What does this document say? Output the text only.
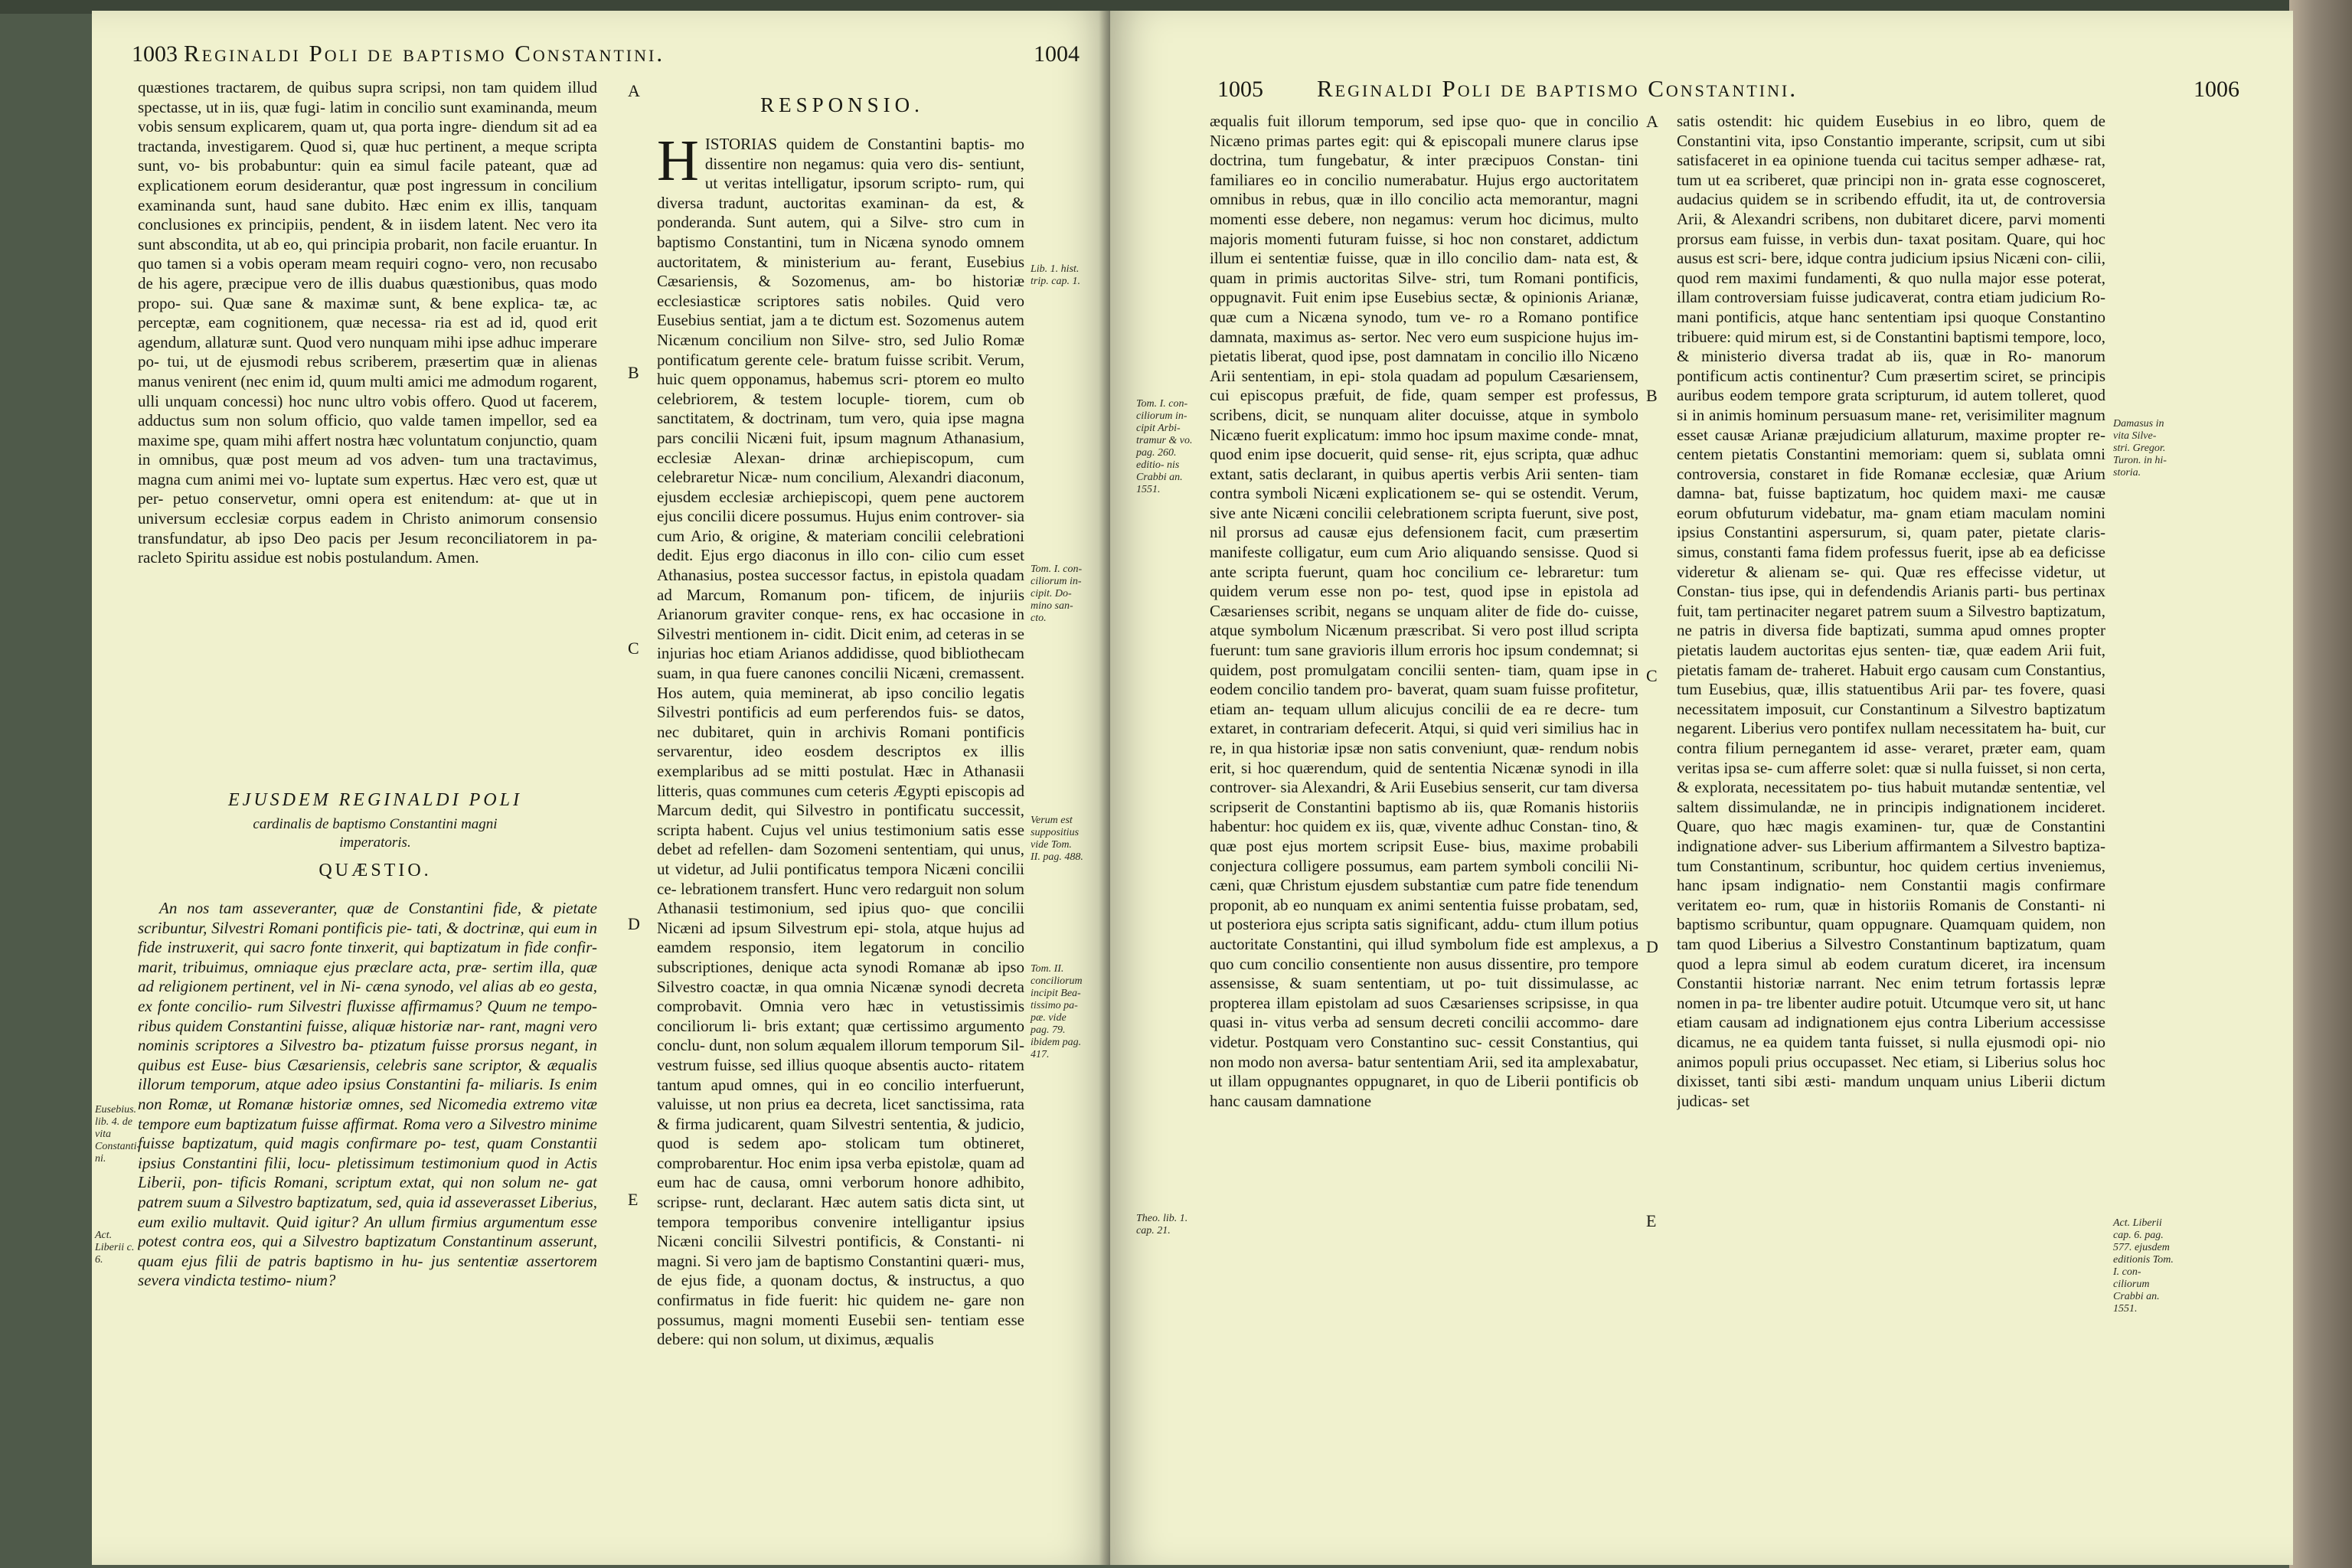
1003 Reginaldi Poli de baptismo Constantini.	1004

quæstiones tractarem, de quibus supra scripsi, non tam quidem illud spectasse, ut in iis, quæ fugi- latim in concilio sunt examinanda, meum vobis sensum explicarem, quam ut, qua porta ingre- diendum sit ad ea tractanda, investigarem. Quod si, quæ huc pertinent, a meque scripta sunt, vo- bis probabuntur: quin ea simul facile pateant, quæ ad explicationem eorum desiderantur, quæ post ingressum in concilium examinanda sunt, haud sane dubito. Hæc enim ex illis, tanquam conclusiones ex principiis, pendent, & in iisdem latent. Nec vero ita sunt abscondita, ut ab eo, qui principia probarit, non facile eruantur. In quo tamen si a vobis operam meam requiri cogno- vero, non recusabo de his agere, præcipue vero de illis duabus quæstionibus, quas modo propo- sui. Quæ sane & maximæ sunt, & bene explica- tæ, ac perceptæ, eam cognitionem, quæ necessa- ria est ad id, quod erit agendum, allaturæ sunt. Quod vero nunquam mihi ipse adhuc imperare po- tui, ut de ejusmodi rebus scriberem, præsertim quæ in alienas manus venirent (nec enim id, quum multi amici me admodum rogarent, ulli unquam concessi) hoc nunc ultro vobis offero. Quod ut facerem, adductus sum non solum officio, quo valde tamen impellor, sed ea maxime spe, quam mihi affert nostra hæc voluntatum conjunctio, quam in omnibus, quæ post meum ad vos adven- tum una tractavimus, magna cum animi mei vo- luptate sum expertus. Hæc vero est, quæ ut per- petuo conservetur, omni opera est enitendum: at- que ut in universum ecclesiæ corpus eadem in Christo animorum consensio transfundatur, ab ipso Deo pacis per Jesum reconciliatorem in pa- racleto Spiritu assidue est nobis postulandum. Amen.

EJUSDEM REGINALDI POLI
cardinalis de baptismo Constantini magni
imperatoris.
QUÆSTIO.

An nos tam asseveranter, quæ de Constantini fide, & pietate scribuntur, Silvestri Romani pontificis pie- tati, & doctrinæ, qui eum in fide instruxerit, qui sacro fonte tinxerit, qui baptizatum in fide confir- marit, tribuimus, omniaque ejus præclare acta, præ- sertim illa, quæ ad religionem pertinent, vel in Ni- cæna synodo, vel alias ab eo gesta, ex fonte concilio- rum Silvestri fluxisse affirmamus? Quum ne tempo- ribus quidem Constantini fuisse, aliquæ historiæ nar- rant, magni vero nominis scriptores a Silvestro ba- ptizatum fuisse prorsus negant, in quibus est Euse- bius Cæsariensis, celebris sane scriptor, & æqualis illorum temporum, atque adeo ipsius Constantini fa- miliaris. Is enim non Romæ, ut Romanæ historiæ omnes, sed Nicomedia extremo vitæ tempore eum baptizatum fuisse affirmat. Roma vero a Silvestro minime fuisse baptizatum, quid magis confirmare po- test, quam Constantii ipsius Constantini filii, locu- pletissimum testimonium quod in Actis Liberii, pon- tificis Romani, scriptum extat, qui non solum ne- gat patrem suum a Silvestro baptizatum, sed, quia id asseverasset Liberius, eum exilio multavit. Quid igitur? An ullum firmius argumentum esse potest contra eos, qui a Silvestro baptizatum Constantinum asserunt, quam ejus filii de patris baptismo in hu- jus sententiæ assertorem severa vindicta testimo- nium?

Eusebius. lib. 4. de vita Constanti- ni.
Act. Liberii c. 6.
A
B
C
D
E
RESPONSIO.

HISTORIAS quidem de Constantini baptis- mo dissentire non negamus: quia vero dis- sentiunt, ut veritas intelligatur, ipsorum scripto- rum, qui diversa tradunt, auctoritas examinan- da est, & ponderanda. Sunt autem, qui a Silve- stro cum in baptismo Constantini, tum in Nicæna synodo omnem auctoritatem, & ministerium au- ferant, Eusebius Cæsariensis, & Sozomenus, am- bo historiæ ecclesiasticæ scriptores satis nobiles. Quid vero Eusebius sentiat, jam a te dictum est. Sozomenus autem Nicænum concilium non Silve- stro, sed Julio Romæ pontificatum gerente cele- bratum fuisse scribit. Verum, huic quem opponamus, habemus scri- ptorem eo multo celebriorem, & testem locuple- tiorem, cum ob sanctitatem, & doctrinam, tum vero, quia ipse magna pars concilii Nicæni fuit, ipsum magnum Athanasium, ecclesiæ Alexan- drinæ archiepiscopum, cum celebraretur Nicæ- num concilium, Alexandri diaconum, ejusdem ecclesiæ archiepiscopi, quem pene auctorem ejus concilii dicere possumus. Hujus enim controver- sia cum Ario, & origine, & materiam concilii celebrationi dedit. Ejus ergo diaconus in illo con- cilio cum esset Athanasius, postea successor factus, in epistola quadam ad Marcum, Romanum pon- tificem, de injuriis Arianorum graviter conque- rens, ex hac occasione in Silvestri mentionem in- cidit. Dicit enim, ad ceteras in se injurias hoc etiam Arianos addidisse, quod bibliothecam suam, in qua fuere canones concilii Nicæni, cremassent. Hos autem, quia meminerat, ab ipso concilio legatis Silvestri pontificis ad eum perferendos fuis- se datos, nec dubitaret, quin in archivis Romani pontificis servarentur, ideo eosdem descriptos ex illis exemplaribus ad se mitti postulat. Hæc in Athanasii litteris, quas communes cum ceteris Ægypti episcopis ad Marcum dedit, qui Silvestro in pontificatu successit, scripta habent. Cujus vel unius testimonium satis esse debet ad refellen- dam Sozomeni sententiam, qui unus, ut videtur, ad Julii pontificatus tempora Nicæni concilii ce- lebrationem transfert. Hunc vero redarguit non solum Athanasii testimonium, sed ipius quo- que concilii Nicæni ad ipsum Silvestrum epi- stola, atque hujus ad eamdem responsio, item legatorum in concilio subscriptiones, denique acta synodi Romanæ ab ipso Silvestro coactæ, in qua omnia Nicænæ synodi decreta comprobavit. Omnia vero hæc in vetustissimis conciliorum li- bris extant; quæ certissimo argumento conclu- dunt, non solum æqualem illorum temporum Sil- vestrum fuisse, sed illius quoque absentis aucto- ritatem tantum apud omnes, qui in eo concilio interfuerunt, valuisse, ut non prius ea decreta, licet sanctissima, rata & firma judicarent, quam Silvestri sententia, & judicio, quod is sedem apo- stolicam tum obtineret, comprobarentur. Hoc enim ipsa verba epistolæ, quam ad eum hac de causa, omni verborum honore adhibito, scripse- runt, declarant. Hæc autem satis dicta sint, ut tempora temporibus convenire intelligantur ipsius Nicæni concilii Silvestri pontificis, & Constanti- ni magni. Si vero jam de baptismo Constantini quæri- mus, de ejus fide, a quonam doctus, & instructus, a quo confirmatus in fide fuerit: hic quidem ne- gare non possumus, magni momenti Eusebii sen- tentiam esse debere: qui non solum, ut diximus, æqualis

Lib. 1. hist. trip. cap. 1.
Tom. I. con- ciliorum in- cipit. Do- mino san- cto.
Verum est suppositius vide Tom. II. pag. 488.
Tom. II. conciliorum incipit Bea- tissimo pa- pæ. vide pag. 79. ibidem pag. 417.
1005 Reginaldi Poli de baptismo Constantini.	1006

æqualis fuit illorum temporum, sed ipse quo- que in concilio Nicæno primas partes egit: qui & episcopali munere clarus ipse doctrina, tum fungebatur, & inter præcipuos Constan- tini familiares eo in concilio numerabatur. Hujus ergo auctoritatem omnibus in rebus, quæ in illo concilio acta memorantur, magni momenti esse debere, non negamus: verum hoc dicimus, multo majoris momenti futuram fuisse, si hoc non constaret, addictum illum ei sententiæ fuisse, quæ in illo concilio dam- nata est, & quam in primis auctoritas Silve- stri, tum Romani pontificis, oppugnavit. Fuit enim ipse Eusebius sectæ, & opinionis Arianæ, quæ cum a Nicæna synodo, tum ve- ro a Romano pontifice damnata, maximus as- sertor. Nec vero eum suspicione hujus im- pietatis liberat, quod ipse, post damnatam in concilio illo Nicæno Arii sententiam, in epi- stola quadam ad populum Cæsariensem, cui episcopus præfuit, de fide, quam semper est professus, scribens, dicit, se nunquam aliter docuisse, atque in symbolo Nicæno fuerit explicatum: immo hoc ipsum maxime conde- mnat, quod enim ipse docuerit, quid sense- rit, ejus scripta, quæ adhuc extant, satis declarant, in quibus apertis verbis Arii senten- tiam contra symboli Nicæni explicationem se- qui se ostendit. Verum, sive ante Nicæni concilii celebrationem scripta fuerunt, sive post, nil prorsus ad causæ ejus defensionem facit, cum præsertim manifeste colligatur, eum cum Ario aliquando sensisse. Quod si ante scripta fuerunt, quam hoc concilium ce- lebraretur: tum quidem verum esse non po- test, quod ipse in epistola ad Cæsarienses scribit, negans se unquam aliter de fide do- cuisse, atque symbolum Nicænum præscribat. Si vero post illud scripta fuerunt: tum sane gravioris illum erroris hoc ipsum condemnat; si quidem, post promulgatam concilii senten- tiam, quam ipse in eodem concilio tandem pro- baverat, quam suam fuisse profitetur, etiam an- tequam ullum alicujus concilii de ea re decre- tum extaret, in contrariam defecerit. Atqui, si quid veri similius hac in re, in qua historiæ ipsæ non satis conveniunt, quæ- rendum nobis erit, si hoc quærendum, quid de sententia Nicænæ synodi in illa controver- sia Alexandri, & Arii Eusebius senserit, cur tam diversa scripserit de Constantini baptismo ab iis, quæ Romanis historiis habentur: hoc quidem ex iis, quæ, vivente adhuc Constan- tino, & quæ post ejus mortem scripsit Euse- bius, maxime probabili conjectura colligere possumus, eam partem symboli concilii Ni- cæni, quæ Christum ejusdem substantiæ cum patre fide tenendum proponit, ab eo nunquam ex animi sententia fuisse probatam, sed, ut posteriora ejus scripta satis significant, addu- ctum illum potius auctoritate Constantini, qui illud symbolum fide est amplexus, a quo cum concilio consentiente non ausus dissentire, pro tempore assensisse, & suam sententiam, ut po- tuit dissimulasse, ac propterea illam epistolam ad suos Cæsarienses scripsisse, in qua quasi in- vitus verba ad sensum decreti concilii accommo- dare videtur. Postquam vero Constantino suc- cessit Constantius, qui non modo non aversa- batur sententiam Arii, sed ita amplexabatur, ut illam oppugnantes oppugnaret, in quo de Liberii pontificis ob hanc causam damnatione

A
B
C
D
E
Tom. I. con- ciliorum in- cipit Arbi- tramur & vo. pag. 260. editio- nis Crabbi an. 1551.
Theo. lib. 1. cap. 21.

satis ostendit: hic quidem Eusebius in eo libro, quem de Constantini vita, ipso Constantio imperante, scripsit, cum ut sibi satisfaceret in ea opinione tuenda cui tacitus semper adhæse- rat, tum ut ea scriberet, quæ principi non in- grata esse cognosceret, audacius quidem se in scribendo effudit, ita ut, de controversia Arii, & Alexandri scribens, non dubitaret dicere, parvi momenti prorsus eam fuisse, in verbis dun- taxat positam. Quare, qui hoc ausus est scri- bere, idque contra judicium ipsius Nicæni con- cilii, quod rem maximi fundamenti, & quo nulla major esse poterat, illam controversiam fuisse judicaverat, contra etiam judicium Ro- mani pontificis, atque hanc sententiam ipsi quoque Constantino tribuere: quid mirum est, si de Constantini baptismi tempore, loco, & ministerio diversa tradat ab iis, quæ in Ro- manorum pontificum actis continentur? Cum præsertim sciret, se principis auribus eodem tempore grata scripturum, id autem tolleret, quod si in animis hominum persuasum mane- ret, verisimiliter magnum esset causæ Arianæ præjudicium allaturum, maxime propter re- centem pietatis Constantini memoriam: quem si, sublata omni controversia, constaret in fide Romanæ ecclesiæ, quæ Arium damna- bat, fuisse baptizatum, hoc quidem maxi- me causæ eorum obfuturum videbatur, ma- gnam etiam maculam nomini ipsius Constantini aspersurum, si, quam pater, pietate claris- simus, constanti fama fidem professus fuerit, ipse ab ea deficisse videretur & alienam se- qui. Quæ res effecisse videtur, ut Constan- tius ipse, qui in defendendis Arianis parti- bus pertinax fuit, tam pertinaciter negaret patrem suum a Silvestro baptizatum, ne patris in diversa fide baptizati, summa apud omnes propter pietatis laudem auctoritas ejus senten- tiæ, quæ eadem Arii fuit, pietatis famam de- traheret. Habuit ergo causam cum Constantius, tum Eusebius, quæ, illis statuentibus Arii par- tes fovere, quasi necessitatem imposuit, cur Constantinum a Silvestro baptizatum negarent. Liberius vero pontifex nullam necessitatem ha- buit, cur contra filium pernegantem id asse- veraret, præter eam, quam veritas ipsa se- cum afferre solet: quæ si nulla fuisset, si non certa, & explorata, necessitatem po- tius habuit mutandæ sententiæ, vel saltem dissimulandæ, ne in principis indignationem incideret. Quare, quo hæc magis examinen- tur, quæ de Constantini indignatione adver- sus Liberium affirmantem a Silvestro baptiza- tum Constantinum, scribuntur, hoc quidem certius inveniemus, hanc ipsam indignatio- nem Constantii magis confirmare veritatem eo- rum, quæ in historiis Romanis de Constanti- ni baptismo scribuntur, quam oppugnare. Quamquam quidem, non tam quod Liberius a Silvestro Constantinum baptizatum, quam quod a lepra simul ab eodem curatum diceret, ira incensum Constantii historiæ narrant. Nec enim tetrum fortassis lepræ nomen in pa- tre libenter audire potuit. Utcumque vero sit, ut hanc etiam causam ad indignationem ejus contra Liberium accessisse dicamus, ne ea quidem tanta fuisset, si nulla ejusmodi opi- nio animos populi prius occupasset. Nec etiam, si Liberius solus hoc dixisset, tanti sibi æsti- mandum unquam unius Liberii dictum judicas- set

Damasus in vita Silve- stri. Gregor. Turon. in hi- storia.
Act. Liberii cap. 6. pag. 577. ejusdem editionis Tom. I. con- ciliorum Crabbi an. 1551.
